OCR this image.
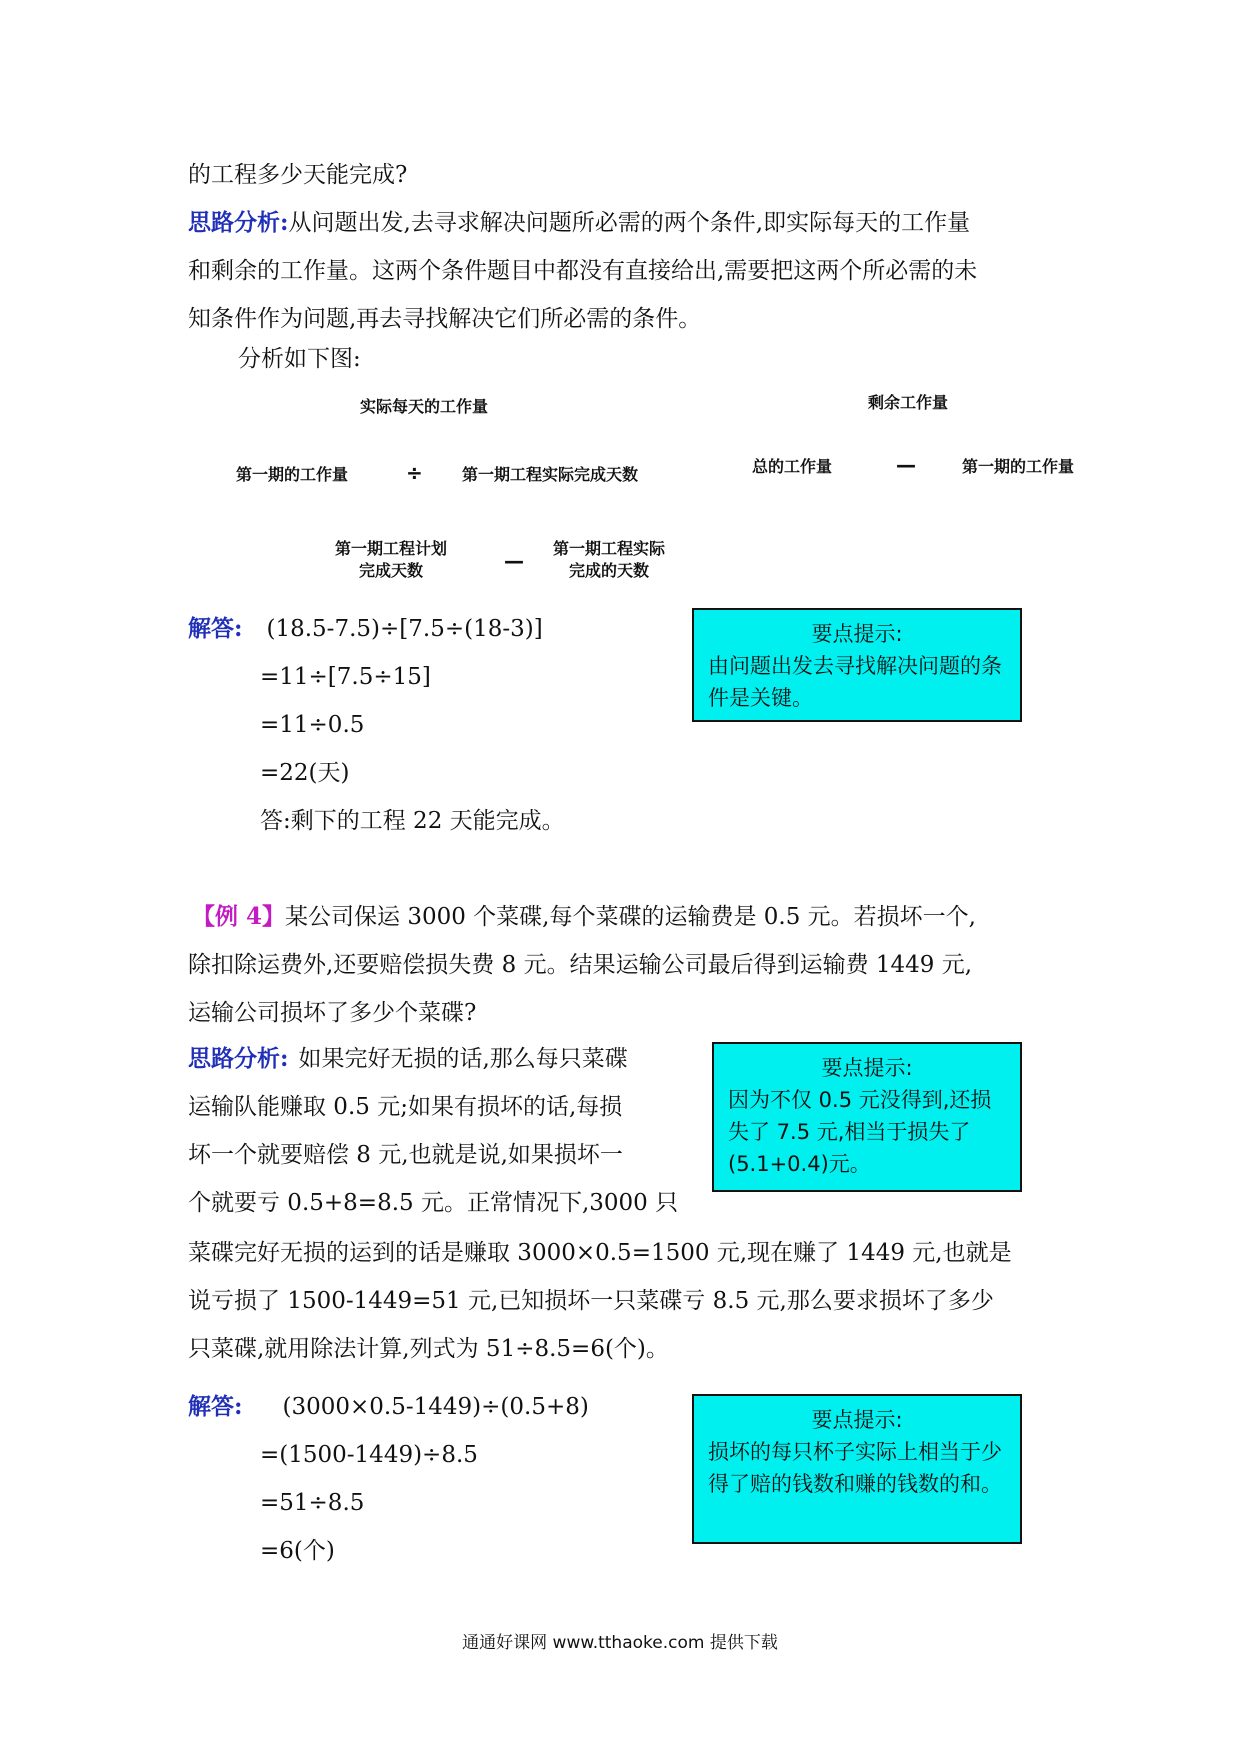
的工程多少天能完成?
思路分析:从问题出发,去寻求解决问题所必需的两个条件,即实际每天的工作量
和剩余的工作量。这两个条件题目中都没有直接给出,需要把这两个所必需的未
知条件作为问题,再去寻找解决它们所必需的条件。
分析如下图:
实际每天的工作量
第一期的工作量	÷ 第一期工程实际完成天数
第一期工程计划
完成天数	—
第一期工程实际
完成的天数
剩余工作量
总的工作量	—	第一期的工作量
解答: (18.5-7.5)÷[7.5÷(18-3)]
=11÷[7.5÷15]
=11÷0.5
=22(天)
答:剩下的工程 22 天能完成。
要点提示:
由问题出发去寻找解决问题的条件是关键。
【例 4】某公司保运 3000 个菜碟,每个菜碟的运输费是 0.5 元。若损坏一个,
除扣除运费外,还要赔偿损失费 8 元。结果运输公司最后得到运输费 1449 元,
运输公司损坏了多少个菜碟?
思路分析: 如果完好无损的话,那么每只菜碟
运输队能赚取 0.5 元;如果有损坏的话,每损
坏一个就要赔偿 8 元,也就是说,如果损坏一
个就要亏 0.5+8=8.5 元。正常情况下,3000 只
菜碟完好无损的运到的话是赚取 3000×0.5=1500 元,现在赚了 1449 元,也就是
说亏损了 1500-1449=51 元,已知损坏一只菜碟亏 8.5 元,那么要求损坏了多少
只菜碟,就用除法计算,列式为 51÷8.5=6(个)。
要点提示:
因为不仅 0.5 元没得到,还损失了 7.5 元,相当于损失了(5.1+0.4)元。
解答: (3000×0.5-1449)÷(0.5+8)
=(1500-1449)÷8.5
=51÷8.5
=6(个)
要点提示:
损坏的每只杯子实际上相当于少得了赔的钱数和赚的钱数的和。
通通好课网 www.tthaoke.com 提供下载
